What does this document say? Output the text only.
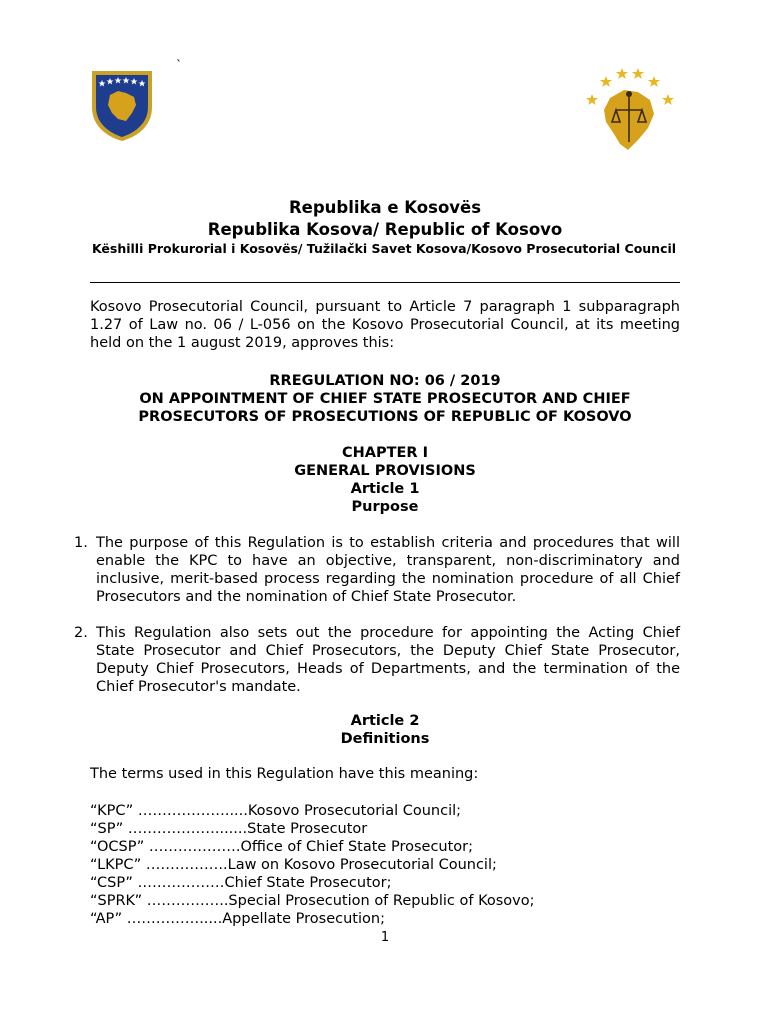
`
Republika e Kosovës
Republika Kosova/ Republic of Kosovo
Këshilli Prokurorial i Kosovës/ Tužilački Savet Kosova/Kosovo Prosecutorial Council
Kosovo Prosecutorial Council, pursuant to Article 7 paragraph 1 subparagraph 1.27 of Law no. 06 / L-056 on the Kosovo Prosecutorial Council, at its meeting held on the 1 august 2019, approves this:
RREGULATION NO: 06 / 2019
ON APPOINTMENT OF CHIEF STATE PROSECUTOR AND CHIEF
PROSECUTORS OF PROSECUTIONS OF REPUBLIC OF KOSOVO
CHAPTER I
GENERAL PROVISIONS
Article 1
Purpose
1. The purpose of this Regulation is to establish criteria and procedures that will enable the KPC to have an objective, transparent, non-discriminatory and inclusive, merit-based process regarding the nomination procedure of all Chief Prosecutors and the nomination of Chief State Prosecutor.
2. This Regulation also sets out the procedure for appointing the Acting Chief State Prosecutor and Chief Prosecutors, the Deputy Chief State Prosecutor, Deputy Chief Prosecutors, Heads of Departments, and the termination of the Chief Prosecutor's mandate.
Article 2
Definitions
The terms used in this Regulation have this meaning:
“KPC” ……………….....Kosovo Prosecutorial Council;
“SP” ……………….......State Prosecutor
“OCSP” ……………….Office of Chief State Prosecutor;
“LKPC” ……………..Law on Kosovo Prosecutorial Council;
“CSP” ………………Chief State Prosecutor;
“SPRK” ……………..Special Prosecution of Republic of Kosovo;
“AP” …………….....Appellate Prosecution;
1
